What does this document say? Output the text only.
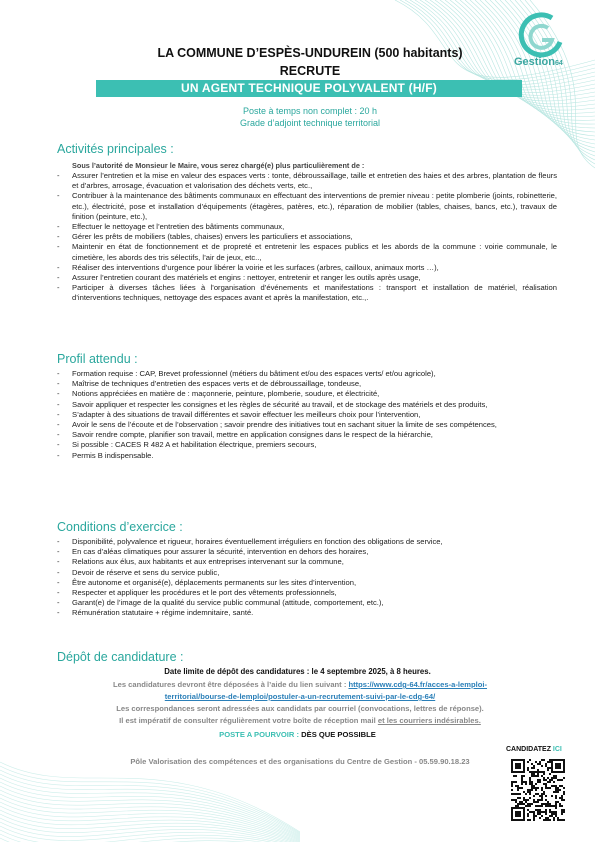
Gestion64
LA COMMUNE D’ESPÈS-UNDUREIN (500 habitants)
RECRUTE
UN AGENT TECHNIQUE POLYVALENT (H/F)
Poste à temps non complet : 20 h
Grade d’adjoint technique territorial
Activités principales :
Sous l’autorité de Monsieur le Maire, vous serez chargé(e) plus particulièrement de :
- Assurer l’entretien et la mise en valeur des espaces verts : tonte, débroussaillage, taille et entretien des haies et des arbres, plantation de fleurs et d’arbres, arrosage, évacuation et valorisation des déchets verts, etc.,
- Contribuer à la maintenance des bâtiments communaux en effectuant des interventions de premier niveau : petite plomberie (joints, robinetterie, etc.), électricité, pose et installation d’équipements (étagères, patères, etc.), réparation de mobilier (tables, chaises, bancs, etc.), travaux de finition (peinture, etc.),
- Effectuer le nettoyage et l’entretien des bâtiments communaux,
- Gérer les prêts de mobiliers (tables, chaises) envers les particuliers et associations,
- Maintenir en état de fonctionnement et de propreté et entretenir les espaces publics et les abords de la commune : voirie communale, le cimetière, les abords des tris sélectifs, l’air de jeux, etc..,
- Réaliser des interventions d’urgence pour libérer la voirie et les surfaces (arbres, cailloux, animaux morts …),
- Assurer l’entretien courant des matériels et engins : nettoyer, entretenir et ranger les outils après usage,
- Participer à diverses tâches liées à l’organisation d’événements et manifestations : transport et installation de matériel, réalisation d’interventions techniques, nettoyage des espaces avant et après la manifestation, etc.,.
Profil attendu :
- Formation requise : CAP, Brevet professionnel (métiers du bâtiment et/ou des espaces verts/ et/ou agricole),
- Maîtrise de techniques d’entretien des espaces verts et de débroussaillage, tondeuse,
- Notions appréciées en matière de : maçonnerie, peinture, plomberie, soudure, et électricité,
- Savoir appliquer et respecter les consignes et les règles de sécurité au travail, et de stockage des matériels et des produits,
- S’adapter à des situations de travail différentes et savoir effectuer les meilleurs choix pour l’intervention,
- Avoir le sens de l’écoute et de l’observation ; savoir prendre des initiatives tout en sachant situer la limite de ses compétences,
- Savoir rendre compte, planifier son travail, mettre en application consignes dans le respect de la hiérarchie,
- Si possible : CACES R 482 A et habilitation électrique, premiers secours,
- Permis B indispensable.
Conditions d’exercice :
- Disponibilité, polyvalence et rigueur, horaires éventuellement irréguliers en fonction des obligations de service,
- En cas d’aléas climatiques pour assurer la sécurité, intervention en dehors des horaires,
- Relations aux élus, aux habitants et aux entreprises intervenant sur la commune,
- Devoir de réserve et sens du service public,
- Être autonome et organisé(e), déplacements permanents sur les sites d’intervention,
- Respecter et appliquer les procédures et le port des vêtements professionnels,
- Garant(e) de l’image de la qualité du service public communal (attitude, comportement, etc.),
- Rémunération statutaire + régime indemnitaire, santé.
Dépôt de candidature :
Date limite de dépôt des candidatures : le 4 septembre 2025, à 8 heures.
Les candidatures devront être déposées à l’aide du lien suivant : https://www.cdg-64.fr/acces-a-lemploi-
territorial/bourse-de-lemploi/postuler-a-un-recrutement-suivi-par-le-cdg-64/
Les correspondances seront adressées aux candidats par courriel (convocations, lettres de réponse).
Il est impératif de consulter régulièrement votre boîte de réception mail et les courriers indésirables.
POSTE A POURVOIR : DÈS QUE POSSIBLE
Pôle Valorisation des compétences et des organisations du Centre de Gestion - 05.59.90.18.23
CANDIDATEZ ICI
